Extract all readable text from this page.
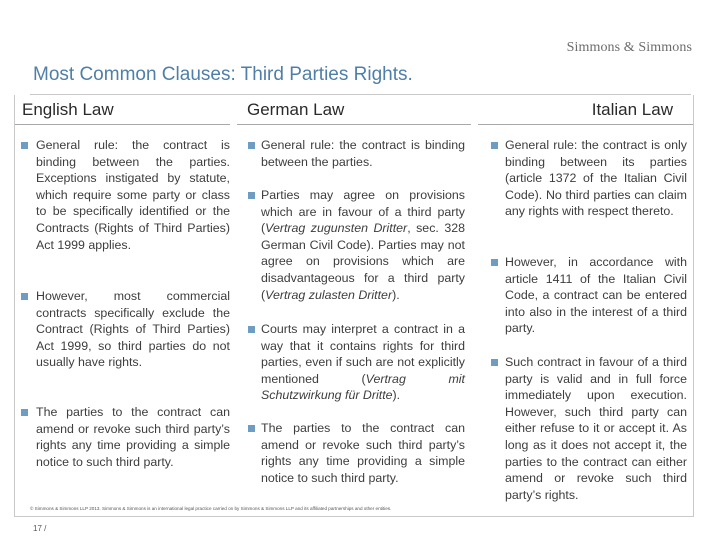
Simmons & Simmons
Most Common Clauses: Third Parties Rights.
English Law
General rule: the contract is binding between the parties. Exceptions instigated by statute, which require some party or class to be specifically identified or the Contracts (Rights of Third Parties) Act 1999 applies.
However, most commercial contracts specifically exclude the Contract (Rights of Third Parties) Act 1999, so third parties do not usually have rights.
The parties to the contract can amend or revoke such third party’s rights any time providing a simple notice to such third party.
German Law
General rule: the contract is binding between the parties.
Parties may agree on provisions which are in favour of a third party (Vertrag zugunsten Dritter, sec. 328 German Civil Code). Parties may not agree on provisions which are disadvantageous for a third party (Vertrag zulasten Dritter).
Courts may interpret a contract in a way that it contains rights for third parties, even if such are not explicitly mentioned (Vertrag mit Schutzwirkung für Dritte).
The parties to the contract can amend or revoke such third party’s rights any time providing a simple notice to such third party.
Italian Law
General rule: the contract is only binding between its parties (article 1372 of the Italian Civil Code). No third parties can claim any rights with respect thereto.
However, in accordance with article 1411 of the Italian Civil Code, a contract can be entered into also in the interest of a third party.
Such contract in favour of a third party is valid and in full force immediately upon execution. However, such third party can either refuse to it or accept it. As long as it does not accept it, the parties to the contract can either amend or revoke such third party’s rights.
© Simmons & Simmons LLP 2013. Simmons & Simmons is an international legal practice carried on by Simmons & Simmons LLP and its affiliated partnerships and other entities.
17 /
